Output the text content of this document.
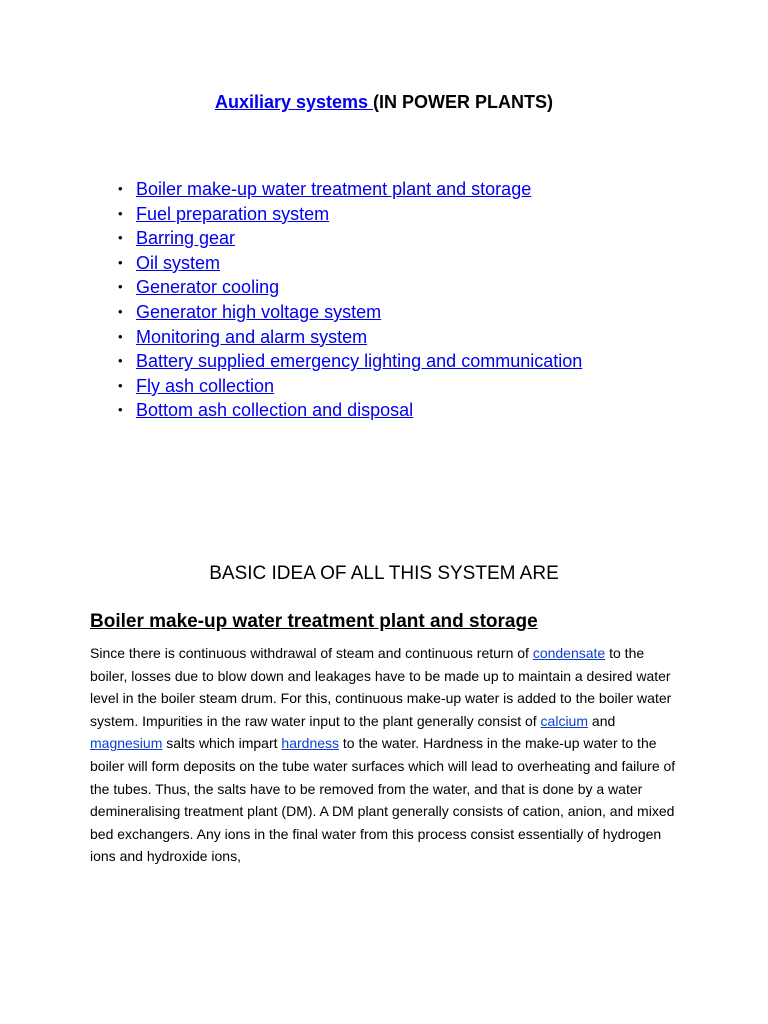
Auxiliary systems (IN POWER PLANTS)
• Boiler make-up water treatment plant and storage
• Fuel preparation system
• Barring gear
• Oil system
• Generator cooling
• Generator high voltage system
• Monitoring and alarm system
• Battery supplied emergency lighting and communication
• Fly ash collection
• Bottom ash collection and disposal
BASIC IDEA OF ALL THIS SYSTEM ARE
Boiler make-up water treatment plant and storage

Since there is continuous withdrawal of steam and continuous return of condensate to the boiler, losses due to blow down and leakages have to be made up to maintain a desired water level in the boiler steam drum. For this, continuous make-up water is added to the boiler water system. Impurities in the raw water input to the plant generally consist of calcium and magnesium salts which impart hardness to the water. Hardness in the make-up water to the boiler will form deposits on the tube water surfaces which will lead to overheating and failure of the tubes. Thus, the salts have to be removed from the water, and that is done by a water demineralising treatment plant (DM). A DM plant generally consists of cation, anion, and mixed bed exchangers. Any ions in the final water from this process consist essentially of hydrogen ions and hydroxide ions,
